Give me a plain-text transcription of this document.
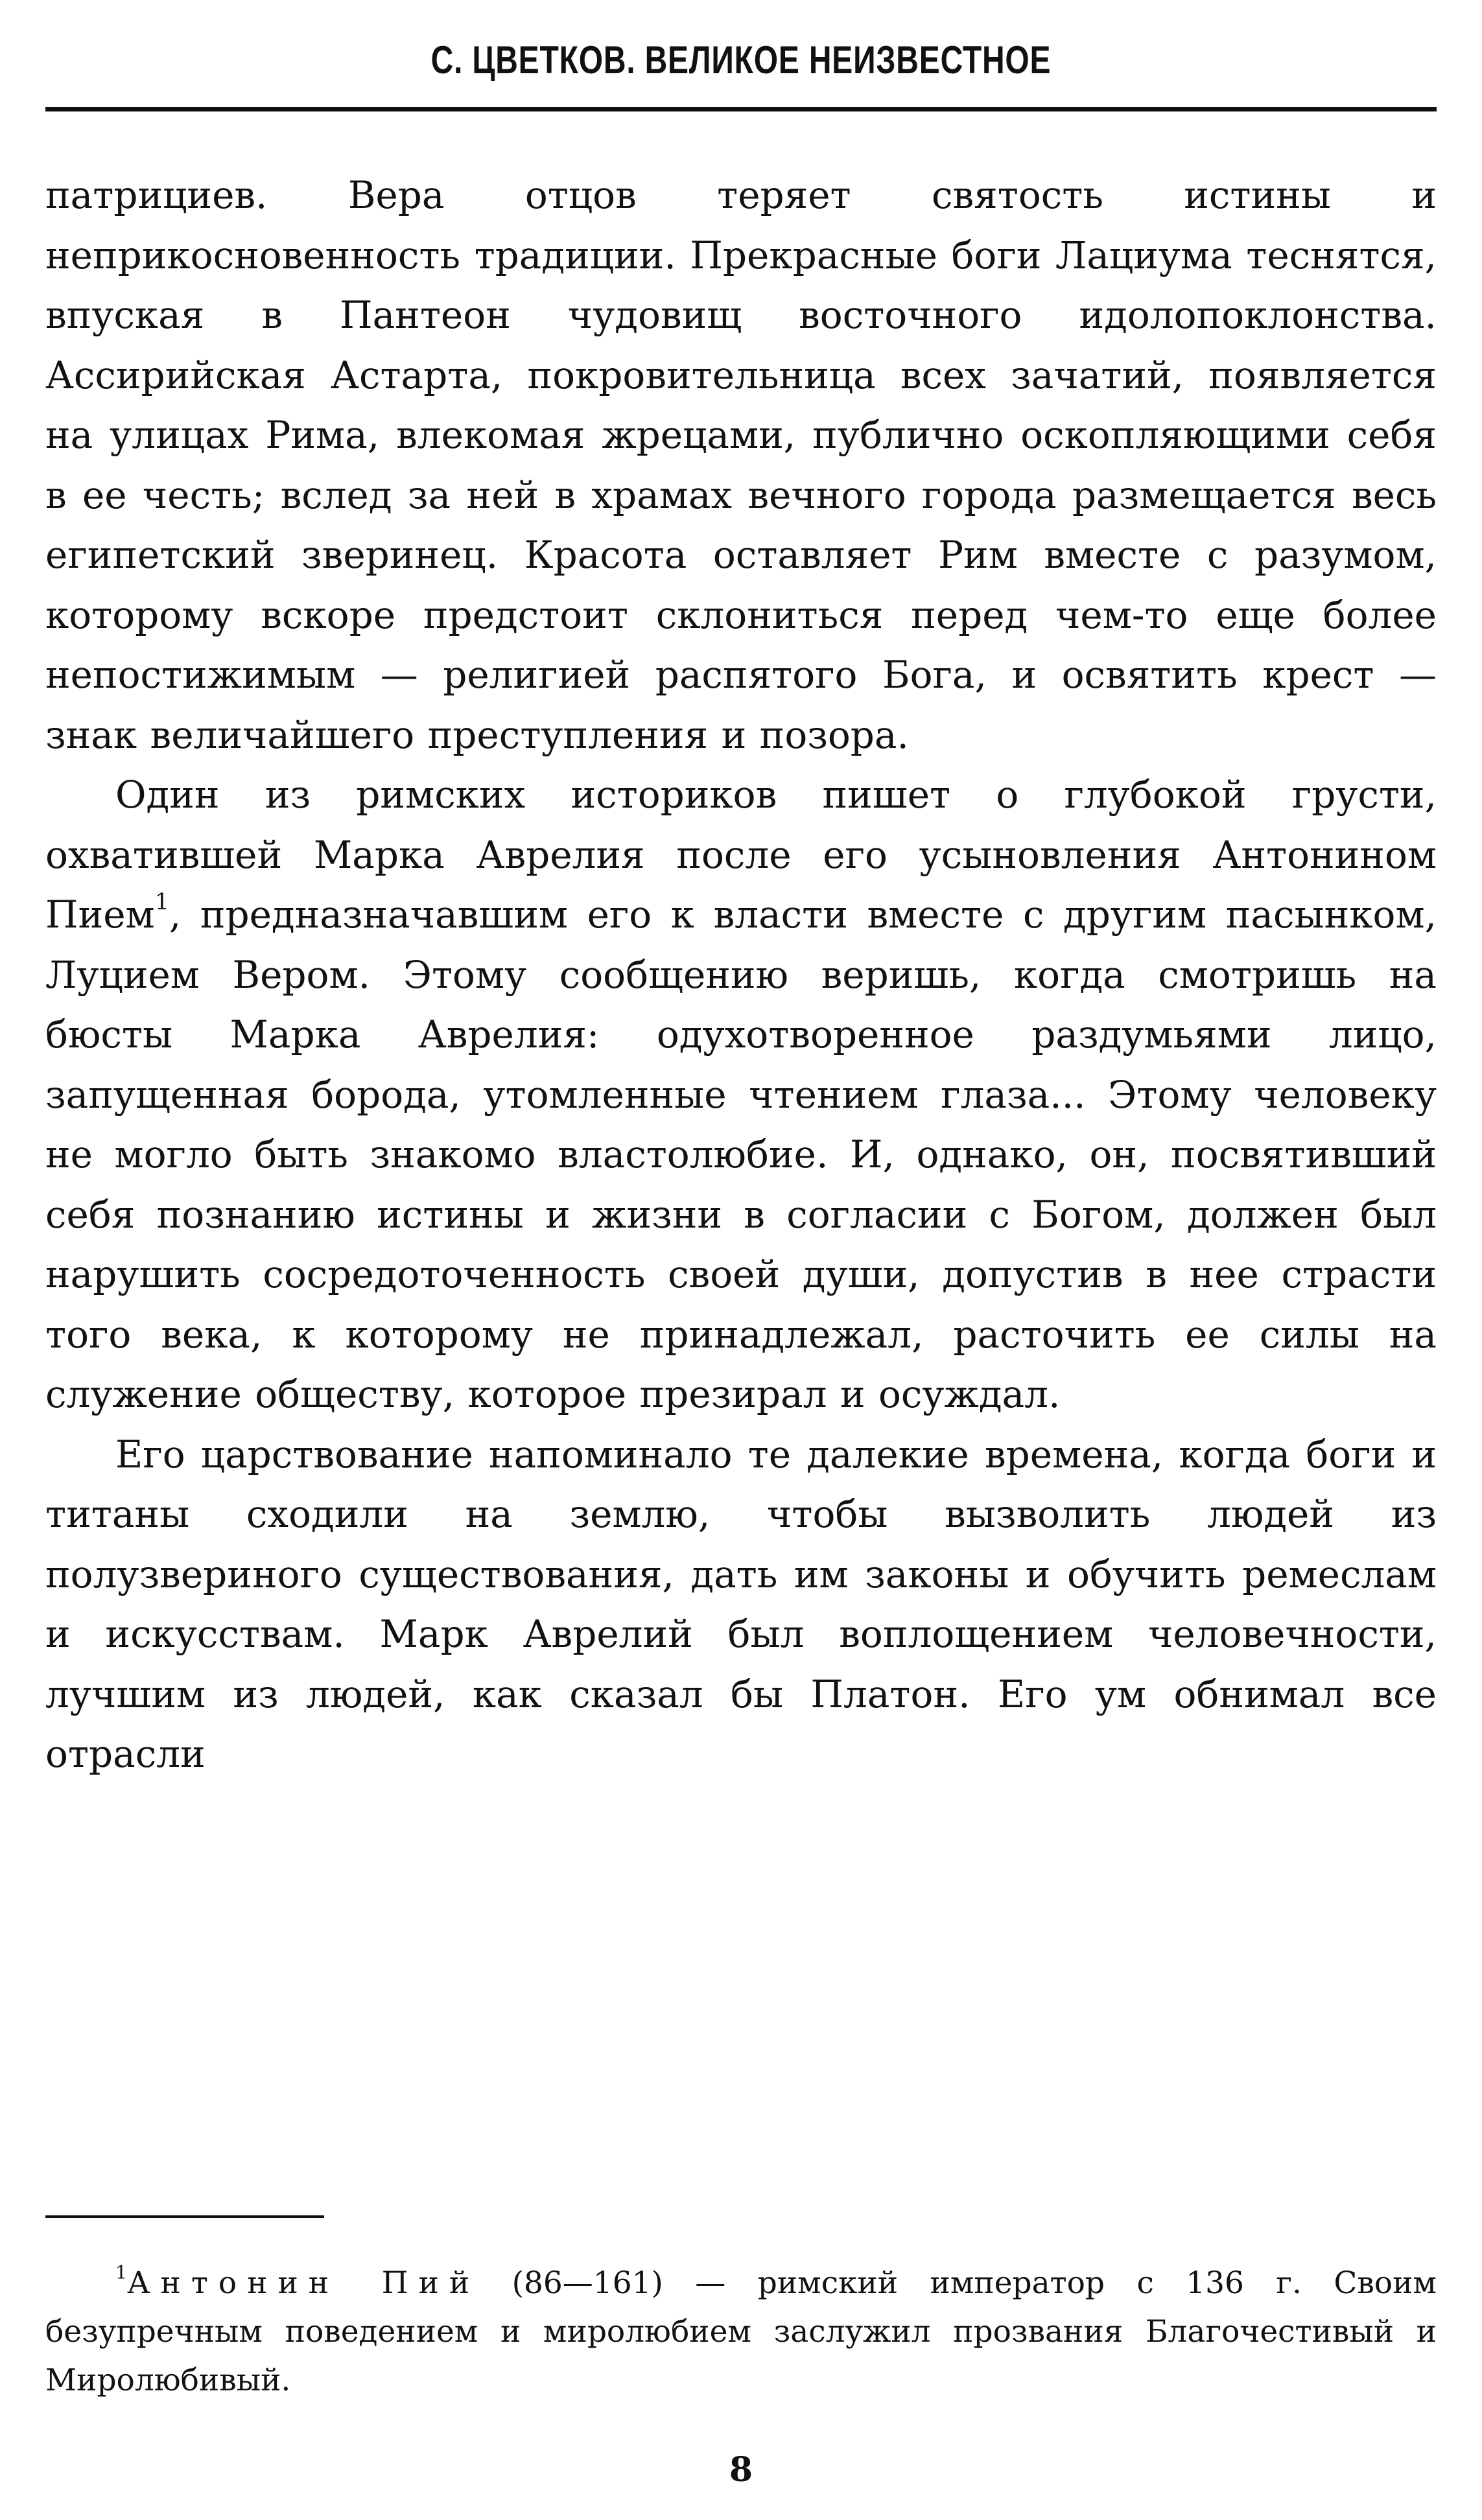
С. ЦВЕТКОВ. ВЕЛИКОЕ НЕИЗВЕСТНОЕ

патрициев. Вера отцов теряет святость истины и неприкосновенность традиции. Прекрасные боги Лациума теснятся, впуская в Пантеон чудовищ восточного идолопоклонства. Ассирийская Астарта, покровительница всех зачатий, появляется на улицах Рима, влекомая жрецами, публично оскопляющими себя в ее честь; вслед за ней в храмах вечного города размещается весь египетский зверинец. Красота оставляет Рим вместе с разумом, которому вскоре предстоит склониться перед чем-то еще более непостижимым — религией распятого Бога, и освятить крест — знак величайшего преступления и позора.

Один из римских историков пишет о глубокой грусти, охватившей Марка Аврелия после его усыновления Антонином Пием$^1$, предназначавшим его к власти вместе с другим пасынком, Луцием Вером. Этому сообщению веришь, когда смотришь на бюсты Марка Аврелия: одухотворенное раздумьями лицо, запущенная борода, утомленные чтением глаза... Этому человеку не могло быть знакомо властолюбие. И, однако, он, посвятивший себя познанию истины и жизни в согласии с Богом, должен был нарушить сосредоточенность своей души, допустив в нее страсти того века, к которому не принадлежал, расточить ее силы на служение обществу, которое презирал и осуждал.

Его царствование напоминало те далекие времена, когда боги и титаны сходили на землю, чтобы вызволить людей из полузвериного существования, дать им законы и обучить ремеслам и искусствам. Марк Аврелий был воплощением человечности, лучшим из людей, как сказал бы Платон. Его ум обнимал все отрасли

$^1$Антонин Пий (86—161) — римский император с 136 г. Своим безупречным поведением и миролюбием заслужил прозвания Благочестивый и Миролюбивый.
8
